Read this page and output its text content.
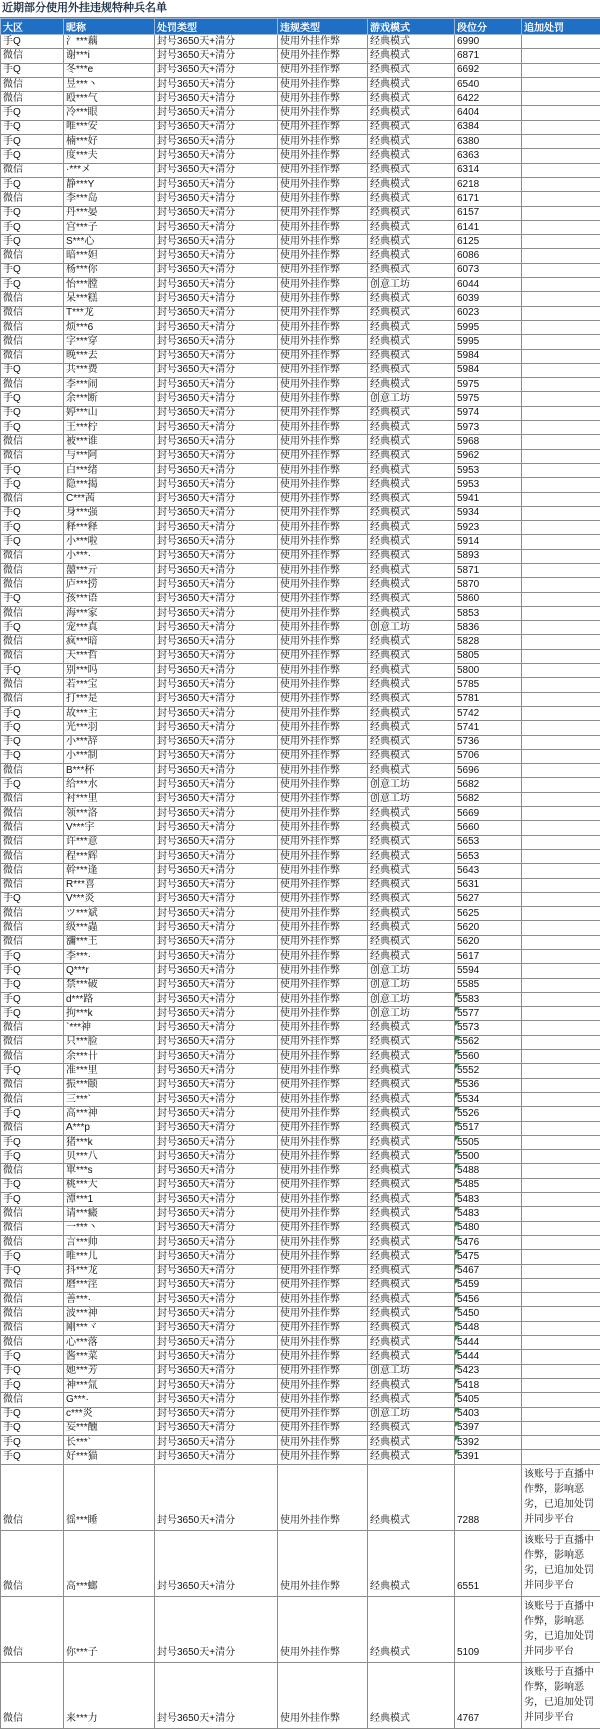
近期部分使用外挂违规特种兵名单
大区	昵称	处罚类型	违规类型	游戏模式	段位分	追加处罚
手Q	氵***藕	封号3650天+清分	使用外挂作弊	经典模式	6990	
微信	谢***i	封号3650天+清分	使用外挂作弊	经典模式	6871	
手Q	冬***e	封号3650天+清分	使用外挂作弊	经典模式	6692	
微信	昱***丶	封号3650天+清分	使用外挂作弊	经典模式	6540	
微信	殴***气	封号3650天+清分	使用外挂作弊	经典模式	6422	
手Q	冷***眼	封号3650天+清分	使用外挂作弊	经典模式	6404	
手Q	唯***安	封号3650天+清分	使用外挂作弊	经典模式	6384	
手Q	楠***好	封号3650天+清分	使用外挂作弊	经典模式	6380	
手Q	度***夫	封号3650天+清分	使用外挂作弊	经典模式	6363	
微信	·***メ	封号3650天+清分	使用外挂作弊	经典模式	6314	
手Q	静***Y	封号3650天+清分	使用外挂作弊	经典模式	6218	
微信	李***岛	封号3650天+清分	使用外挂作弊	经典模式	6171	
手Q	丹***晏	封号3650天+清分	使用外挂作弊	经典模式	6157	
手Q	宫***子	封号3650天+清分	使用外挂作弊	经典模式	6141	
手Q	S***心	封号3650天+清分	使用外挂作弊	经典模式	6125	
微信	暗***妲	封号3650天+清分	使用外挂作弊	经典模式	6086	
手Q	杨***你	封号3650天+清分	使用外挂作弊	经典模式	6073	
手Q	怡***膛	封号3650天+清分	使用外挂作弊	创意工坊	6044	
微信	呆***糕	封号3650天+清分	使用外挂作弊	经典模式	6039	
微信	T***龙	封号3650天+清分	使用外挂作弊	经典模式	6023	
微信	烦***6	封号3650天+清分	使用外挂作弊	经典模式	5995	
微信	字***穿	封号3650天+清分	使用外挂作弊	经典模式	5995	
微信	晚***去	封号3650天+清分	使用外挂作弊	经典模式	5984	
手Q	共***费	封号3650天+清分	使用外挂作弊	经典模式	5984	
微信	李***闹	封号3650天+清分	使用外挂作弊	经典模式	5975	
手Q	余***断	封号3650天+清分	使用外挂作弊	创意工坊	5975	
手Q	婷***山	封号3650天+清分	使用外挂作弊	经典模式	5974	
手Q	王***柠	封号3650天+清分	使用外挂作弊	经典模式	5973	
微信	被***谁	封号3650天+清分	使用外挂作弊	经典模式	5968	
微信	与***阿	封号3650天+清分	使用外挂作弊	经典模式	5962	
手Q	白***绪	封号3650天+清分	使用外挂作弊	经典模式	5953	
手Q	隐***揭	封号3650天+清分	使用外挂作弊	经典模式	5953	
微信	C***茜	封号3650天+清分	使用外挂作弊	经典模式	5941	
手Q	身***强	封号3650天+清分	使用外挂作弊	经典模式	5934	
手Q	释***释	封号3650天+清分	使用外挂作弊	经典模式	5923	
手Q	小***啦	封号3650天+清分	使用外挂作弊	经典模式	5914	
微信	小***·	封号3650天+清分	使用外挂作弊	经典模式	5893	
微信	囍***亓	封号3650天+清分	使用外挂作弊	经典模式	5871	
微信	庐***捞	封号3650天+清分	使用外挂作弊	经典模式	5870	
手Q	孩***语	封号3650天+清分	使用外挂作弊	经典模式	5860	
微信	海***家	封号3650天+清分	使用外挂作弊	经典模式	5853	
手Q	宠***真	封号3650天+清分	使用外挂作弊	创意工坊	5836	
微信	疯***暗	封号3650天+清分	使用外挂作弊	经典模式	5828	
微信	天***哲	封号3650天+清分	使用外挂作弊	经典模式	5805	
手Q	别***吗	封号3650天+清分	使用外挂作弊	经典模式	5800	
微信	若***宝	封号3650天+清分	使用外挂作弊	经典模式	5785	
微信	打***是	封号3650天+清分	使用外挂作弊	经典模式	5781	
手Q	故***主	封号3650天+清分	使用外挂作弊	经典模式	5742	
手Q	光***羽	封号3650天+清分	使用外挂作弊	经典模式	5741	
手Q	小***辞	封号3650天+清分	使用外挂作弊	经典模式	5736	
手Q	小***制	封号3650天+清分	使用外挂作弊	经典模式	5706	
微信	B***杯	封号3650天+清分	使用外挂作弊	经典模式	5696	
手Q	给***水	封号3650天+清分	使用外挂作弊	创意工坊	5682	
微信	衬***里	封号3650天+清分	使用外挂作弊	创意工坊	5682	
微信	领***洛	封号3650天+清分	使用外挂作弊	经典模式	5669	
微信	V***宇	封号3650天+清分	使用外挂作弊	经典模式	5660	
微信	许***意	封号3650天+清分	使用外挂作弊	经典模式	5653	
微信	程***辉	封号3650天+清分	使用外挂作弊	经典模式	5653	
微信	幹***逢	封号3650天+清分	使用外挂作弊	经典模式	5643	
微信	R***喜	封号3650天+清分	使用外挂作弊	经典模式	5631	
手Q	V***炎	封号3650天+清分	使用外挂作弊	经典模式	5627	
微信	ツ***斌	封号3650天+清分	使用外挂作弊	经典模式	5625	
微信	级***蟲	封号3650天+清分	使用外挂作弊	经典模式	5620	
微信	瀰***王	封号3650天+清分	使用外挂作弊	经典模式	5620	
手Q	李***·	封号3650天+清分	使用外挂作弊	经典模式	5617	
手Q	Q***r	封号3650天+清分	使用外挂作弊	创意工坊	5594	
手Q	禁***破	封号3650天+清分	使用外挂作弊	创意工坊	5585	
手Q	d***路	封号3650天+清分	使用外挂作弊	创意工坊	5583	
手Q	拘***k	封号3650天+清分	使用外挂作弊	创意工坊	5577	
微信	`***神	封号3650天+清分	使用外挂作弊	经典模式	5573	
微信	只***脸	封号3650天+清分	使用外挂作弊	经典模式	5562	
微信	余***卄	封号3650天+清分	使用外挂作弊	经典模式	5560	
手Q	准***里	封号3650天+清分	使用外挂作弊	经典模式	5552	
微信	振***颐	封号3650天+清分	使用外挂作弊	经典模式	5536	
微信	三***`	封号3650天+清分	使用外挂作弊	经典模式	5534	
手Q	高***神	封号3650天+清分	使用外挂作弊	经典模式	5526	
微信	A***p	封号3650天+清分	使用外挂作弊	经典模式	5517	
手Q	猪***k	封号3650天+清分	使用外挂作弊	经典模式	5505	
手Q	贝***八	封号3650天+清分	使用外挂作弊	经典模式	5500	
微信	單***s	封号3650天+清分	使用外挂作弊	经典模式	5488	
手Q	桃***大	封号3650天+清分	使用外挂作弊	经典模式	5485	
手Q	潭***1	封号3650天+清分	使用外挂作弊	经典模式	5483	
微信	请***癜	封号3650天+清分	使用外挂作弊	经典模式	5483	
微信	一***丶	封号3650天+清分	使用外挂作弊	经典模式	5480	
微信	言***帅	封号3650天+清分	使用外挂作弊	经典模式	5476	
手Q	唯***儿	封号3650天+清分	使用外挂作弊	经典模式	5475	
手Q	抖***龙	封号3650天+清分	使用外挂作弊	经典模式	5467	
微信	磨***淫	封号3650天+清分	使用外挂作弊	经典模式	5459	
微信	善***·	封号3650天+清分	使用外挂作弊	经典模式	5456	
微信	波***神	封号3650天+清分	使用外挂作弊	经典模式	5450	
微信	剛***ヾ	封号3650天+清分	使用外挂作弊	经典模式	5448	
微信	心***落	封号3650天+清分	使用外挂作弊	经典模式	5444	
手Q	酱***菜	封号3650天+清分	使用外挂作弊	经典模式	5444	
手Q	她***芳	封号3650天+清分	使用外挂作弊	创意工坊	5423	
手Q	神***氚	封号3650天+清分	使用外挂作弊	经典模式	5418	
微信	G***·	封号3650天+清分	使用外挂作弊	经典模式	5405	
手Q	c***炎	封号3650天+清分	使用外挂作弊	创意工坊	5403	
手Q	妄***醺	封号3650天+清分	使用外挂作弊	经典模式	5397	
手Q	长***`	封号3650天+清分	使用外挂作弊	经典模式	5392	
手Q	好***猫	封号3650天+清分	使用外挂作弊	经典模式	5391	
微信	徭***睡	封号3650天+清分	使用外挂作弊	经典模式	7288	该账号于直播中作弊，影响恶劣，已追加处罚并同步平台
微信	高***螂	封号3650天+清分	使用外挂作弊	经典模式	6551	该账号于直播中作弊，影响恶劣，已追加处罚并同步平台
微信	你***子	封号3650天+清分	使用外挂作弊	经典模式	5109	该账号于直播中作弊，影响恶劣，已追加处罚并同步平台
微信	来***力	封号3650天+清分	使用外挂作弊	经典模式	4767	该账号于直播中作弊，影响恶劣，已追加处罚并同步平台
